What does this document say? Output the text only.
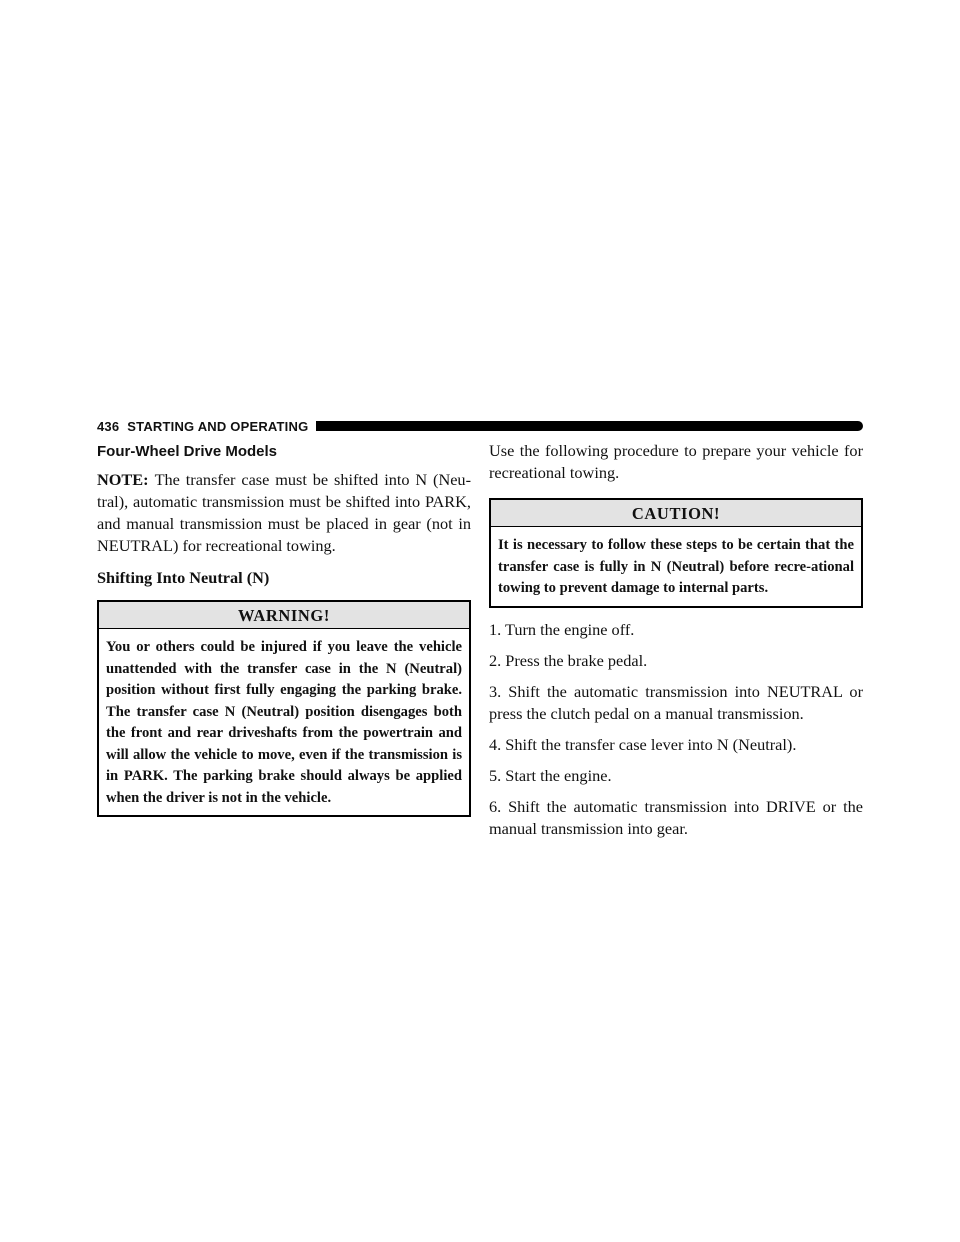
436 STARTING AND OPERATING
Four-Wheel Drive Models

NOTE: The transfer case must be shifted into N (Neu-tral), automatic transmission must be shifted into PARK, and manual transmission must be placed in gear (not in NEUTRAL) for recreational towing.

Shifting Into Neutral (N)
WARNING!
You or others could be injured if you leave the vehicle unattended with the transfer case in the N (Neutral) position without first fully engaging the parking brake. The transfer case N (Neutral) position disengages both the front and rear driveshafts from the powertrain and will allow the vehicle to move, even if the transmission is in PARK. The parking brake should always be applied when the driver is not in the vehicle.

Use the following procedure to prepare your vehicle for recreational towing.

CAUTION!
It is necessary to follow these steps to be certain that the transfer case is fully in N (Neutral) before recre-ational towing to prevent damage to internal parts.

1. Turn the engine off.

2. Press the brake pedal.

3. Shift the automatic transmission into NEUTRAL or press the clutch pedal on a manual transmission.

4. Shift the transfer case lever into N (Neutral).

5. Start the engine.

6. Shift the automatic transmission into DRIVE or the manual transmission into gear.
